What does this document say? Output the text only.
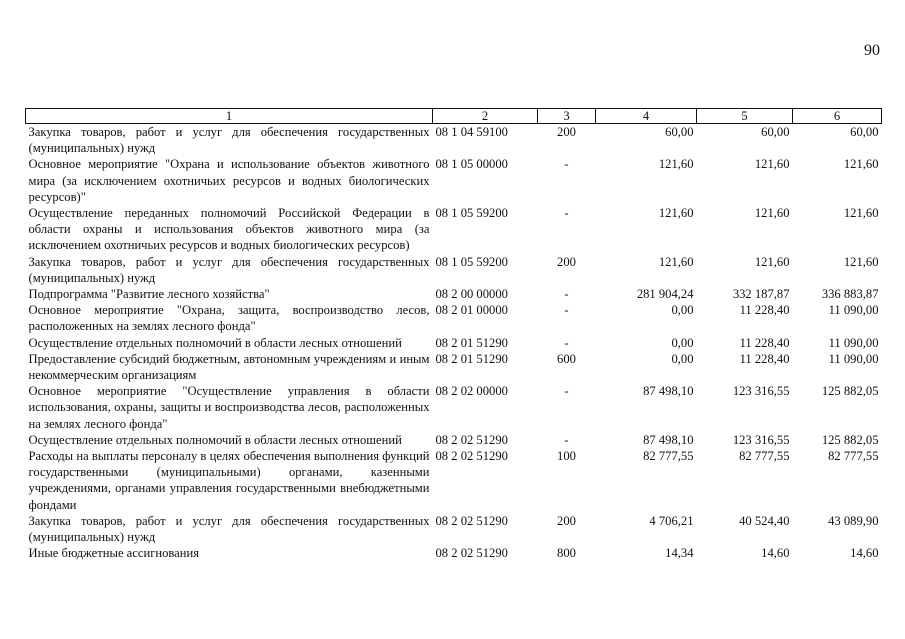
90
1	2	3	4	5	6
Закупка товаров, работ и услуг для обеспечения государственных (муниципальных) нужд	08 1 04 59100	200	60,00	60,00	60,00
Основное мероприятие "Охрана и использование объектов животного мира (за исключением охотничьих ресурсов и водных биологических ресурсов)"	08 1 05 00000	-	121,60	121,60	121,60
Осуществление переданных полномочий Российской Федерации в области охраны и использования объектов животного мира (за исключением охотничьих ресурсов и водных биологических ресурсов)	08 1 05 59200	-	121,60	121,60	121,60
Закупка товаров, работ и услуг для обеспечения государственных (муниципальных) нужд	08 1 05 59200	200	121,60	121,60	121,60
Подпрограмма "Развитие лесного хозяйства"	08 2 00 00000	-	281 904,24	332 187,87	336 883,87
Основное мероприятие "Охрана, защита, воспроизводство лесов, расположенных на землях лесного фонда"	08 2 01 00000	-	0,00	11 228,40	11 090,00
Осуществление отдельных полномочий в области лесных отношений	08 2 01 51290	-	0,00	11 228,40	11 090,00
Предоставление субсидий бюджетным, автономным учреждениям и иным некоммерческим организациям	08 2 01 51290	600	0,00	11 228,40	11 090,00
Основное мероприятие "Осуществление управления в области использования, охраны, защиты и воспроизводства лесов, расположенных на землях лесного фонда"	08 2 02 00000	-	87 498,10	123 316,55	125 882,05
Осуществление отдельных полномочий в области лесных отношений	08 2 02 51290	-	87 498,10	123 316,55	125 882,05
Расходы на выплаты персоналу в целях обеспечения выполнения функций государственными (муниципальными) органами, казенными учреждениями, органами управления государственными внебюджетными фондами	08 2 02 51290	100	82 777,55	82 777,55	82 777,55
Закупка товаров, работ и услуг для обеспечения государственных (муниципальных) нужд	08 2 02 51290	200	4 706,21	40 524,40	43 089,90
Иные бюджетные ассигнования	08 2 02 51290	800	14,34	14,60	14,60
